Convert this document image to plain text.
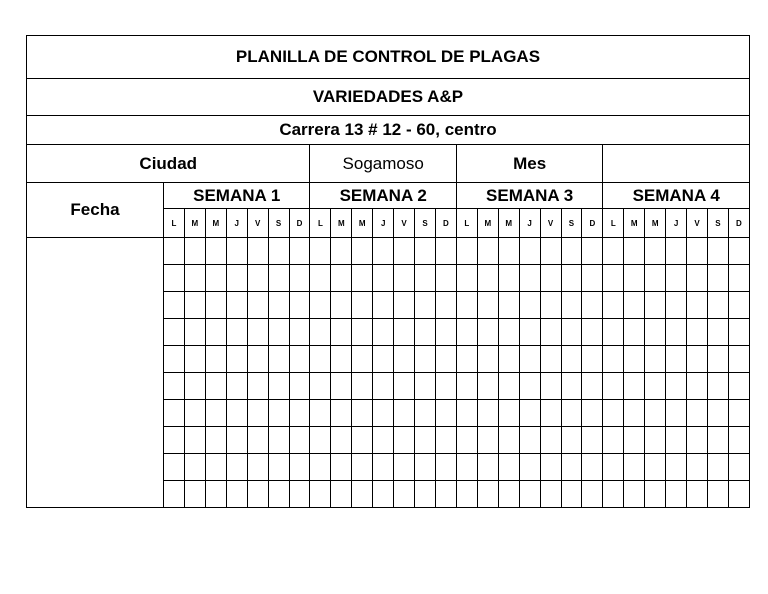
PLANILLA DE CONTROL DE PLAGAS																												
VARIEDADES A&P																												
Carrera 13 # 12 - 60, centro																												
Ciudad								Sogamoso							Mes													
Fecha	SEMANA 1							SEMANA 2							SEMANA 3							SEMANA 4						
	L	M	M	J	V	S	D	L	M	M	J	V	S	D	L	M	M	J	V	S	D	L	M	M	J	V	S	D
